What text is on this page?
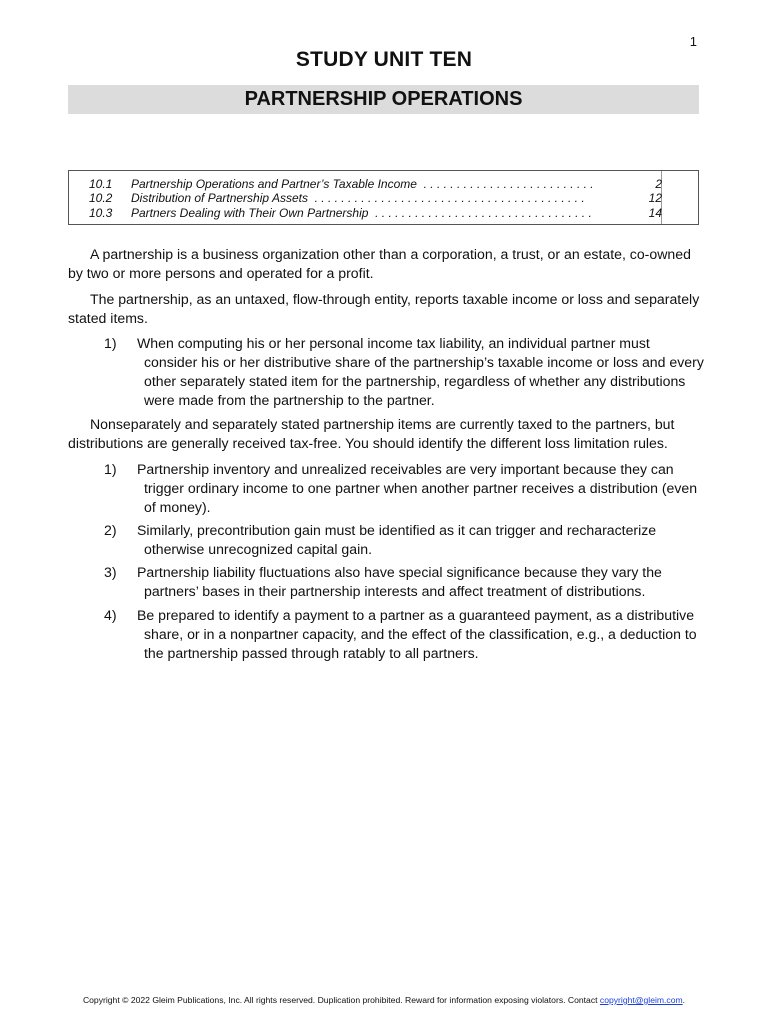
1
STUDY UNIT TEN
PARTNERSHIP OPERATIONS
10.1 Partnership Operations and Partner’s Taxable Income  . . . . . . . . . . . . . . . . . . . . . . . . . .	2
10.2 Distribution of Partnership Assets  . . . . . . . . . . . . . . . . . . . . . . . . . . . . . . . . . . . . . . . . .	12
10.3 Partners Dealing with Their Own Partnership  . . . . . . . . . . . . . . . . . . . . . . . . . . . . . . . . .	14

A partnership is a business organization other than a corporation, a trust, or an estate, co-owned by two or more persons and operated for a profit.

The partnership, as an untaxed, flow-through entity, reports taxable income or loss and separately stated items.

1) When computing his or her personal income tax liability, an individual partner must consider his or her distributive share of the partnership’s taxable income or loss and every other separately stated item for the partnership, regardless of whether any distributions were made from the partnership to the partner.

Nonseparately and separately stated partnership items are currently taxed to the partners, but distributions are generally received tax-free. You should identify the different loss limitation rules.

1) Partnership inventory and unrealized receivables are very important because they can trigger ordinary income to one partner when another partner receives a distribution (even of money).
2) Similarly, precontribution gain must be identified as it can trigger and recharacterize otherwise unrecognized capital gain.
3) Partnership liability fluctuations also have special significance because they vary the partners’ bases in their partnership interests and affect treatment of distributions.
4) Be prepared to identify a payment to a partner as a guaranteed payment, as a distributive share, or in a nonpartner capacity, and the effect of the classification, e.g., a deduction to the partnership passed through ratably to all partners.
Copyright © 2022 Gleim Publications, Inc. All rights reserved. Duplication prohibited. Reward for information exposing violators. Contact copyright@gleim.com.
